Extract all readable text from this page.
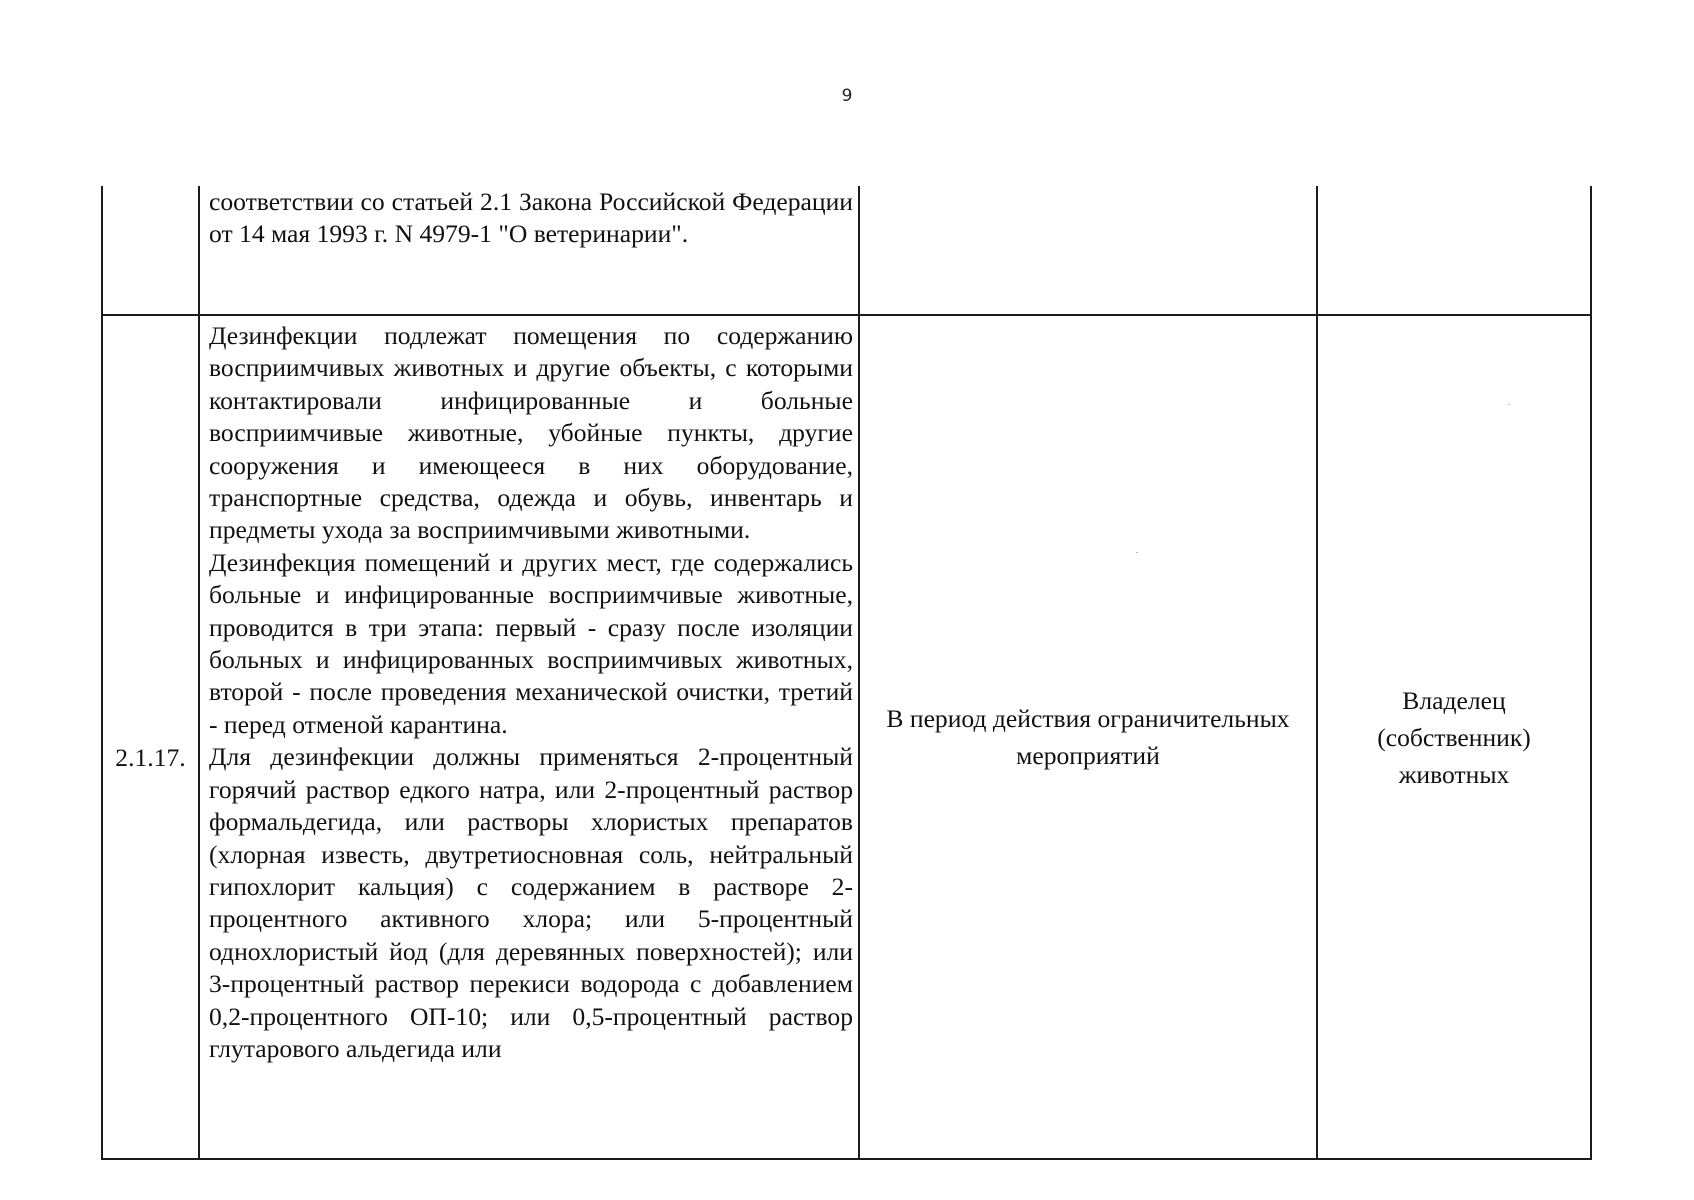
9

	соответствии со статьей 2.1 Закона Российской Федерации от 14 мая 1993 г. N 4979-1 "О ветеринарии".		

2.1.17.	Дезинфекции подлежат помещения по содержанию восприимчивых животных и другие объекты, с которыми контактировали инфицированные и больные восприимчивые животные, убойные пункты, другие сооружения и имеющееся в них оборудование, транспортные средства, одежда и обувь, инвентарь и предметы ухода за восприимчивыми животными.

Дезинфекция помещений и других мест, где содержались больные и инфицированные восприимчивые животные, проводится в три этапа: первый - сразу после изоляции больных и инфицированных восприимчивых животных, второй - после проведения механической очистки, третий - перед отменой карантина.

Для дезинфекции должны применяться 2-процентный горячий раствор едкого натра, или 2-процентный раствор формальдегида, или растворы хлористых препаратов (хлорная известь, двутретиосновная соль, нейтральный гипохлорит кальция) с содержанием в растворе 2-процентного активного хлора; или 5-процентный однохлористый йод (для деревянных поверхностей); или 3-процентный раствор перекиси водорода с добавлением 0,2-процентного ОП-10; или 0,5-процентный раствор глутарового альдегида или	В период действия ограничительных мероприятий	Владелец (собственник) животных
